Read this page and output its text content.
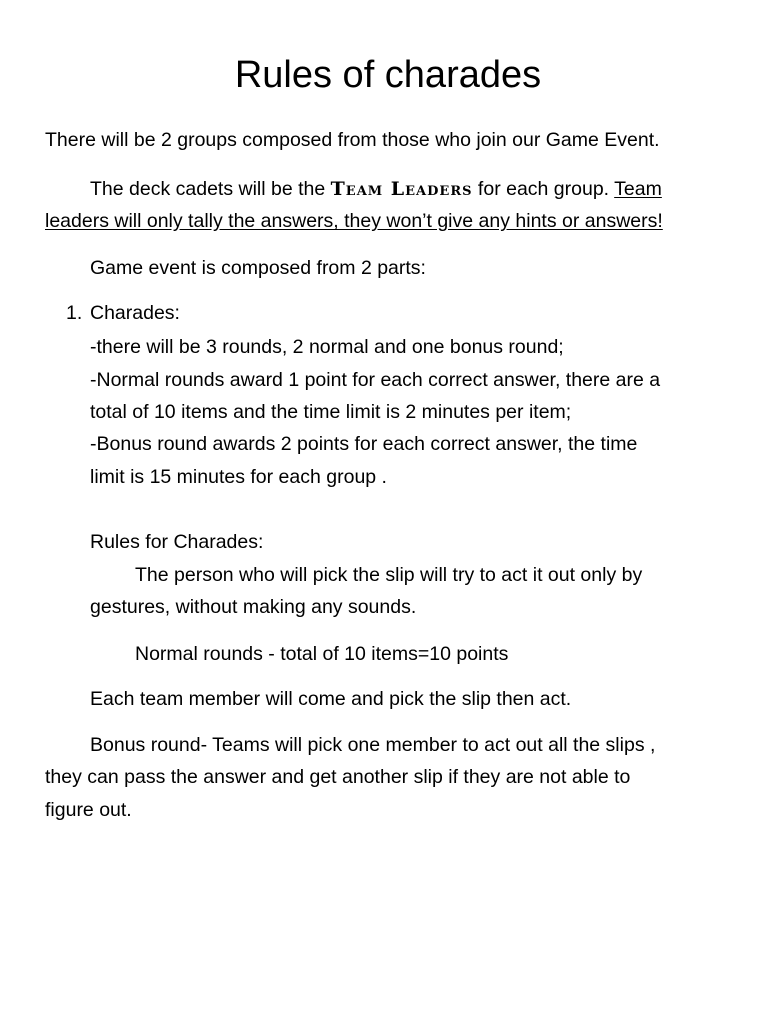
Rules of charades
There will be 2 groups composed from those who join our Game Event.
The deck cadets will be the Team Leaders for each group. Team
leaders will only tally the answers, they won’t give any hints or answers!
Game event is composed from 2 parts:
1. Charades:
-there will be 3 rounds, 2 normal and one bonus round;
-Normal rounds award 1 point for each correct answer, there are a
total of 10 items and the time limit is 2 minutes per item;
-Bonus round awards 2 points for each correct answer, the time
limit is 15 minutes for each group .
Rules for Charades:
The person who will pick the slip will try to act it out only by
gestures, without making any sounds.
Normal rounds - total of 10 items=10 points
Each team member will come and pick the slip then act.
Bonus round- Teams will pick one member to act out all the slips ,
they can pass the answer and get another slip if they are not able to
figure out.
